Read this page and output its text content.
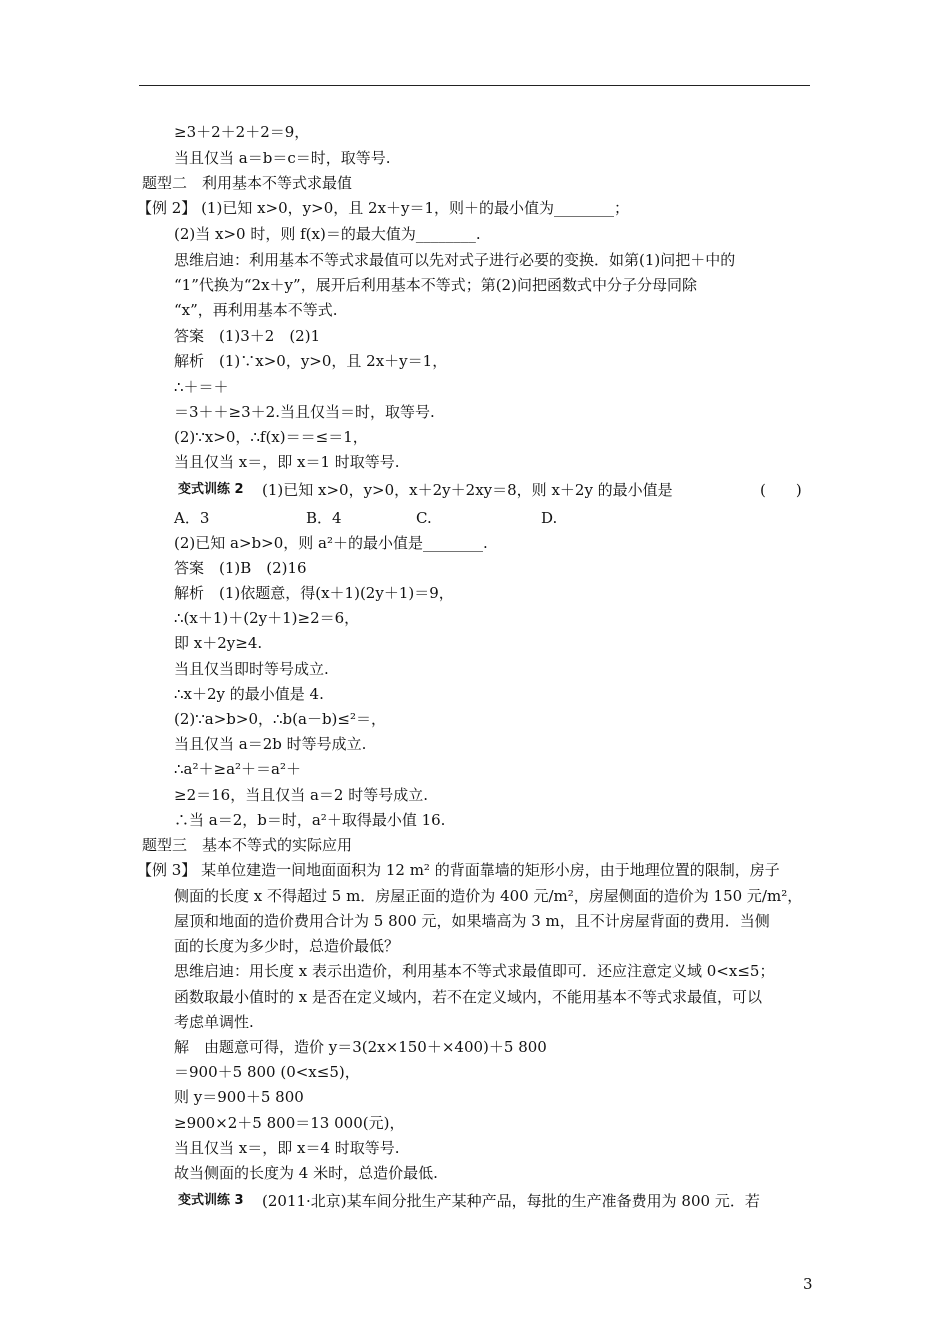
≥3＋2＋2＋2＝9，
当且仅当 a＝b＝c＝时，取等号.
题型二　利用基本不等式求最值
【例 2】 (1)已知 x>0，y>0，且 2x＋y＝1，则＋的最小值为________；
(2)当 x>0 时，则 f(x)＝的最大值为________.
思维启迪：利用基本不等式求最值可以先对式子进行必要的变换．如第(1)问把＋中的
“1”代换为“2x＋y”，展开后利用基本不等式；第(2)问把函数式中分子分母同除
“x”，再利用基本不等式.
答案　(1)3＋2　(2)1
解析　(1)∵x>0，y>0，且 2x＋y＝1，
∴＋＝＋
＝3＋＋≥3＋2.当且仅当＝时，取等号.
(2)∵x>0，∴f(x)＝＝≤＝1，
当且仅当 x＝，即 x＝1 时取等号.
变式训练 2 (1)已知 x>0，y>0，x＋2y＋2xy＝8，则 x＋2y 的最小值是	(　　)
A．3	B．4	C.	D.
(2)已知 a>b>0，则 a²＋的最小值是________.
答案　(1)B　(2)16
解析　(1)依题意，得(x＋1)(2y＋1)＝9，
∴(x＋1)＋(2y＋1)≥2＝6，
即 x＋2y≥4.
当且仅当即时等号成立.
∴x＋2y 的最小值是 4.
(2)∵a>b>0，∴b(a－b)≤²＝，
当且仅当 a＝2b 时等号成立.
∴a²＋≥a²＋＝a²＋
≥2＝16，当且仅当 a＝2 时等号成立.
∴当 a＝2，b＝时，a²＋取得最小值 16.
题型三　基本不等式的实际应用
【例 3】 某单位建造一间地面面积为 12 m² 的背面靠墙的矩形小房，由于地理位置的限制，房子
侧面的长度 x 不得超过 5 m．房屋正面的造价为 400 元/m²，房屋侧面的造价为 150 元/m²，
屋顶和地面的造价费用合计为 5 800 元，如果墙高为 3 m，且不计房屋背面的费用．当侧
面的长度为多少时，总造价最低？
思维启迪：用长度 x 表示出造价，利用基本不等式求最值即可．还应注意定义域 0<x≤5；
函数取最小值时的 x 是否在定义域内，若不在定义域内，不能用基本不等式求最值，可以
考虑单调性.
解　由题意可得，造价 y＝3(2x×150＋×400)＋5 800
＝900＋5 800 (0<x≤5)，
则 y＝900＋5 800
≥900×2＋5 800＝13 000(元)，
当且仅当 x＝，即 x＝4 时取等号.
故当侧面的长度为 4 米时，总造价最低.
变式训练 3 (2011·北京)某车间分批生产某种产品，每批的生产准备费用为 800 元．若
3
